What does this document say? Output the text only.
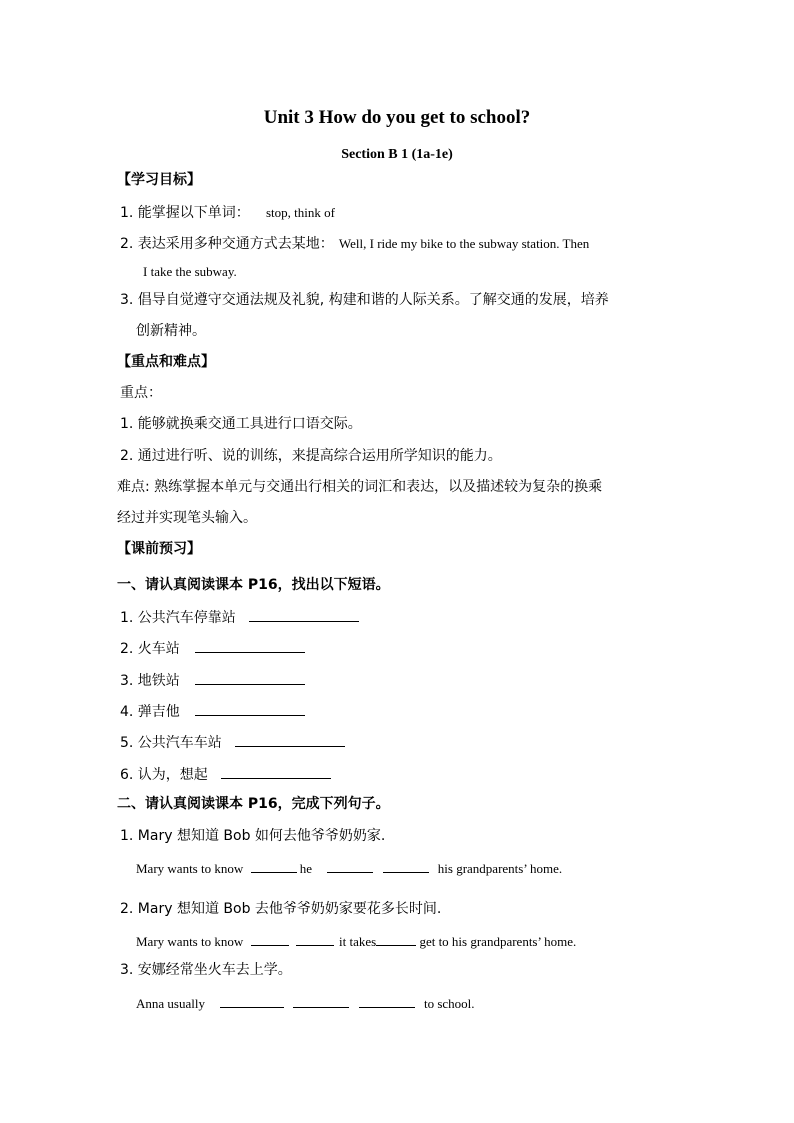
Unit 3 How do you get to school?
Section B 1 (1a-1e)
【学习目标】
1. 能掌握以下单词： stop, think of
2. 表达采用多种交通方式去某地： Well, I ride my bike to the subway station. Then
I take the subway.
3. 倡导自觉遵守交通法规及礼貌, 构建和谐的人际关系。了解交通的发展，培养
创新精神。
【重点和难点】
重点：
1. 能够就换乘交通工具进行口语交际。
2. 通过进行听、说的训练，来提高综合运用所学知识的能力。
难点: 熟练掌握本单元与交通出行相关的词汇和表达，以及描述较为复杂的换乘
经过并实现笔头输入。
【课前预习】
一、请认真阅读课本 P16，找出以下短语。
1. 公共汽车停靠站
2. 火车站
3. 地铁站
4. 弹吉他
5. 公共汽车车站
6. 认为，想起
二、请认真阅读课本 P16，完成下列句子。
1. Mary 想知道 Bob 如何去他爷爷奶奶家.
Mary wants to know	he	his grandparents’ home.
2. Mary 想知道 Bob 去他爷爷奶奶家要花多长时间.
Mary wants to know	it takes	get to his grandparents’ home.
3. 安娜经常坐火车去上学。
Anna usually	to school.
